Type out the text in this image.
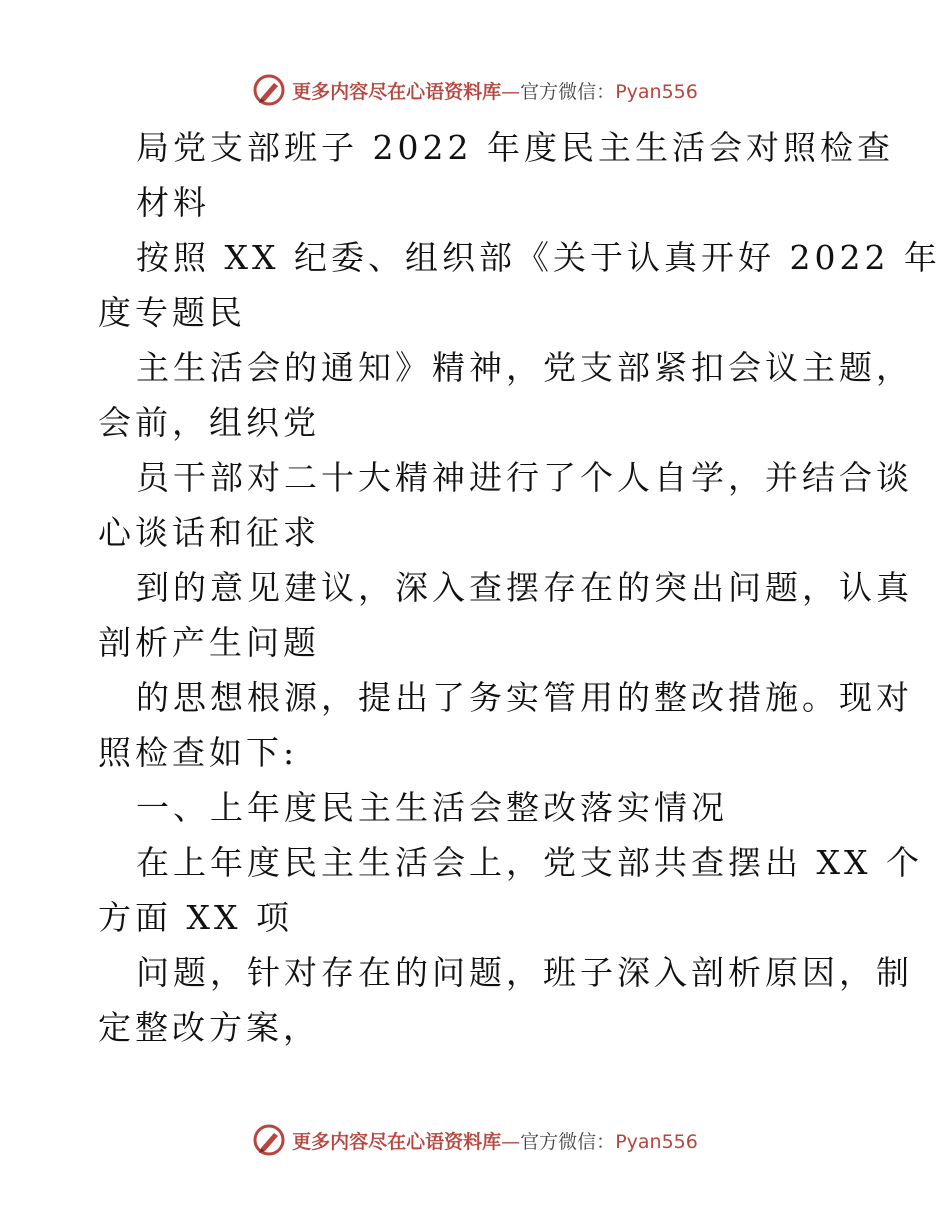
更多内容尽在心语资料库—官方微信：Pyan556
局党支部班子 2022 年度民主生活会对照检查
材料
按照 XX 纪委、组织部《关于认真开好 2022 年
度专题民
主生活会的通知》精神，党支部紧扣会议主题，
会前，组织党
员干部对二十大精神进行了个人自学，并结合谈
心谈话和征求
到的意见建议，深入查摆存在的突出问题，认真
剖析产生问题
的思想根源，提出了务实管用的整改措施。现对
照检查如下:
一、上年度民主生活会整改落实情况
在上年度民主生活会上，党支部共查摆出 XX 个
方面 XX 项
问题，针对存在的问题，班子深入剖析原因，制
定整改方案，
更多内容尽在心语资料库—官方微信：Pyan556
